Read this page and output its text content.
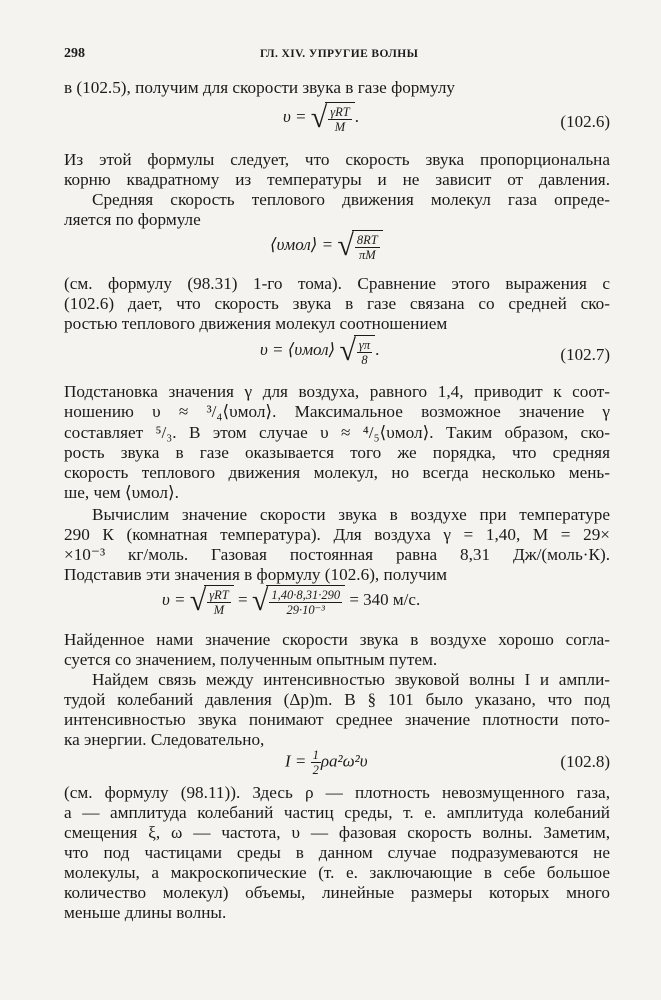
298	ГЛ. XIV. УПРУГИЕ ВОЛНЫ
в (102.5), получим для скорости звука в газе формулу
υ = √ $\frac{\text{γRT}}{M}$ .	(102.6)
Из этой формулы следует, что скорость звука пропорциональна
корню квадратному из температуры и не зависит от давления.
Средняя скорость теплового движения молекул газа опреде-
ляется по формуле
⟨υмол⟩ = √ $\frac{8RT}{\pi M}$
(см. формулу (98.31) 1-го тома). Сравнение этого выражения с
(102.6) дает, что скорость звука в газе связана со средней ско-
ростью теплового движения молекул соотношением
υ = ⟨υмол⟩ √ $\frac{\gamma\pi}{8}$ .	(102.7)
Подстановка значения γ для воздуха, равного 1,4, приводит к соот-
ношению υ ≈ ³/₄⟨υмол⟩. Максимальное возможное значение γ
составляет ⁵/₃. В этом случае υ ≈ ⁴/₅⟨υмол⟩. Таким образом, ско-
рость звука в газе оказывается того же порядка, что средняя
скорость теплового движения молекул, но всегда несколько мень-
ше, чем ⟨υмол⟩.
Вычислим значение скорости звука в воздухе при температуре
290 К (комнатная температура). Для воздуха γ = 1,40, M = 29×
×10⁻³ кг/моль. Газовая постоянная равна 8,31 Дж/(моль·К).
Подставив эти значения в формулу (102.6), получим
υ = √ $\frac{\text{γRT}}{M}$ = √ $\frac{1,40\cdot 8,31\cdot 290}{\text{29·10⁻³}} = 340$ м/с.
Найденное нами значение скорости звука в воздухе хорошо согла-
суется со значением, полученным опытным путем.
Найдем связь между интенсивностью звуковой волны I и ампли-
тудой колебаний давления (Δp)m. В § 101 было указано, что под
интенсивностью звука понимают среднее значение плотности пото-
ка энергии. Следовательно,
$I = \frac{1}{2} \rho a^2\omega^2\upsilon$	(102.8)
(см. формулу (98.11)). Здесь ρ — плотность невозмущенного газа,
a — амплитуда колебаний частиц среды, т. е. амплитуда колебаний
смещения ξ, ω — частота, υ — фазовая скорость волны. Заметим,
что под частицами среды в данном случае подразумеваются не
молекулы, а макроскопические (т. е. заключающие в себе большое
количество молекул) объемы, линейные размеры которых много
меньше длины волны.
